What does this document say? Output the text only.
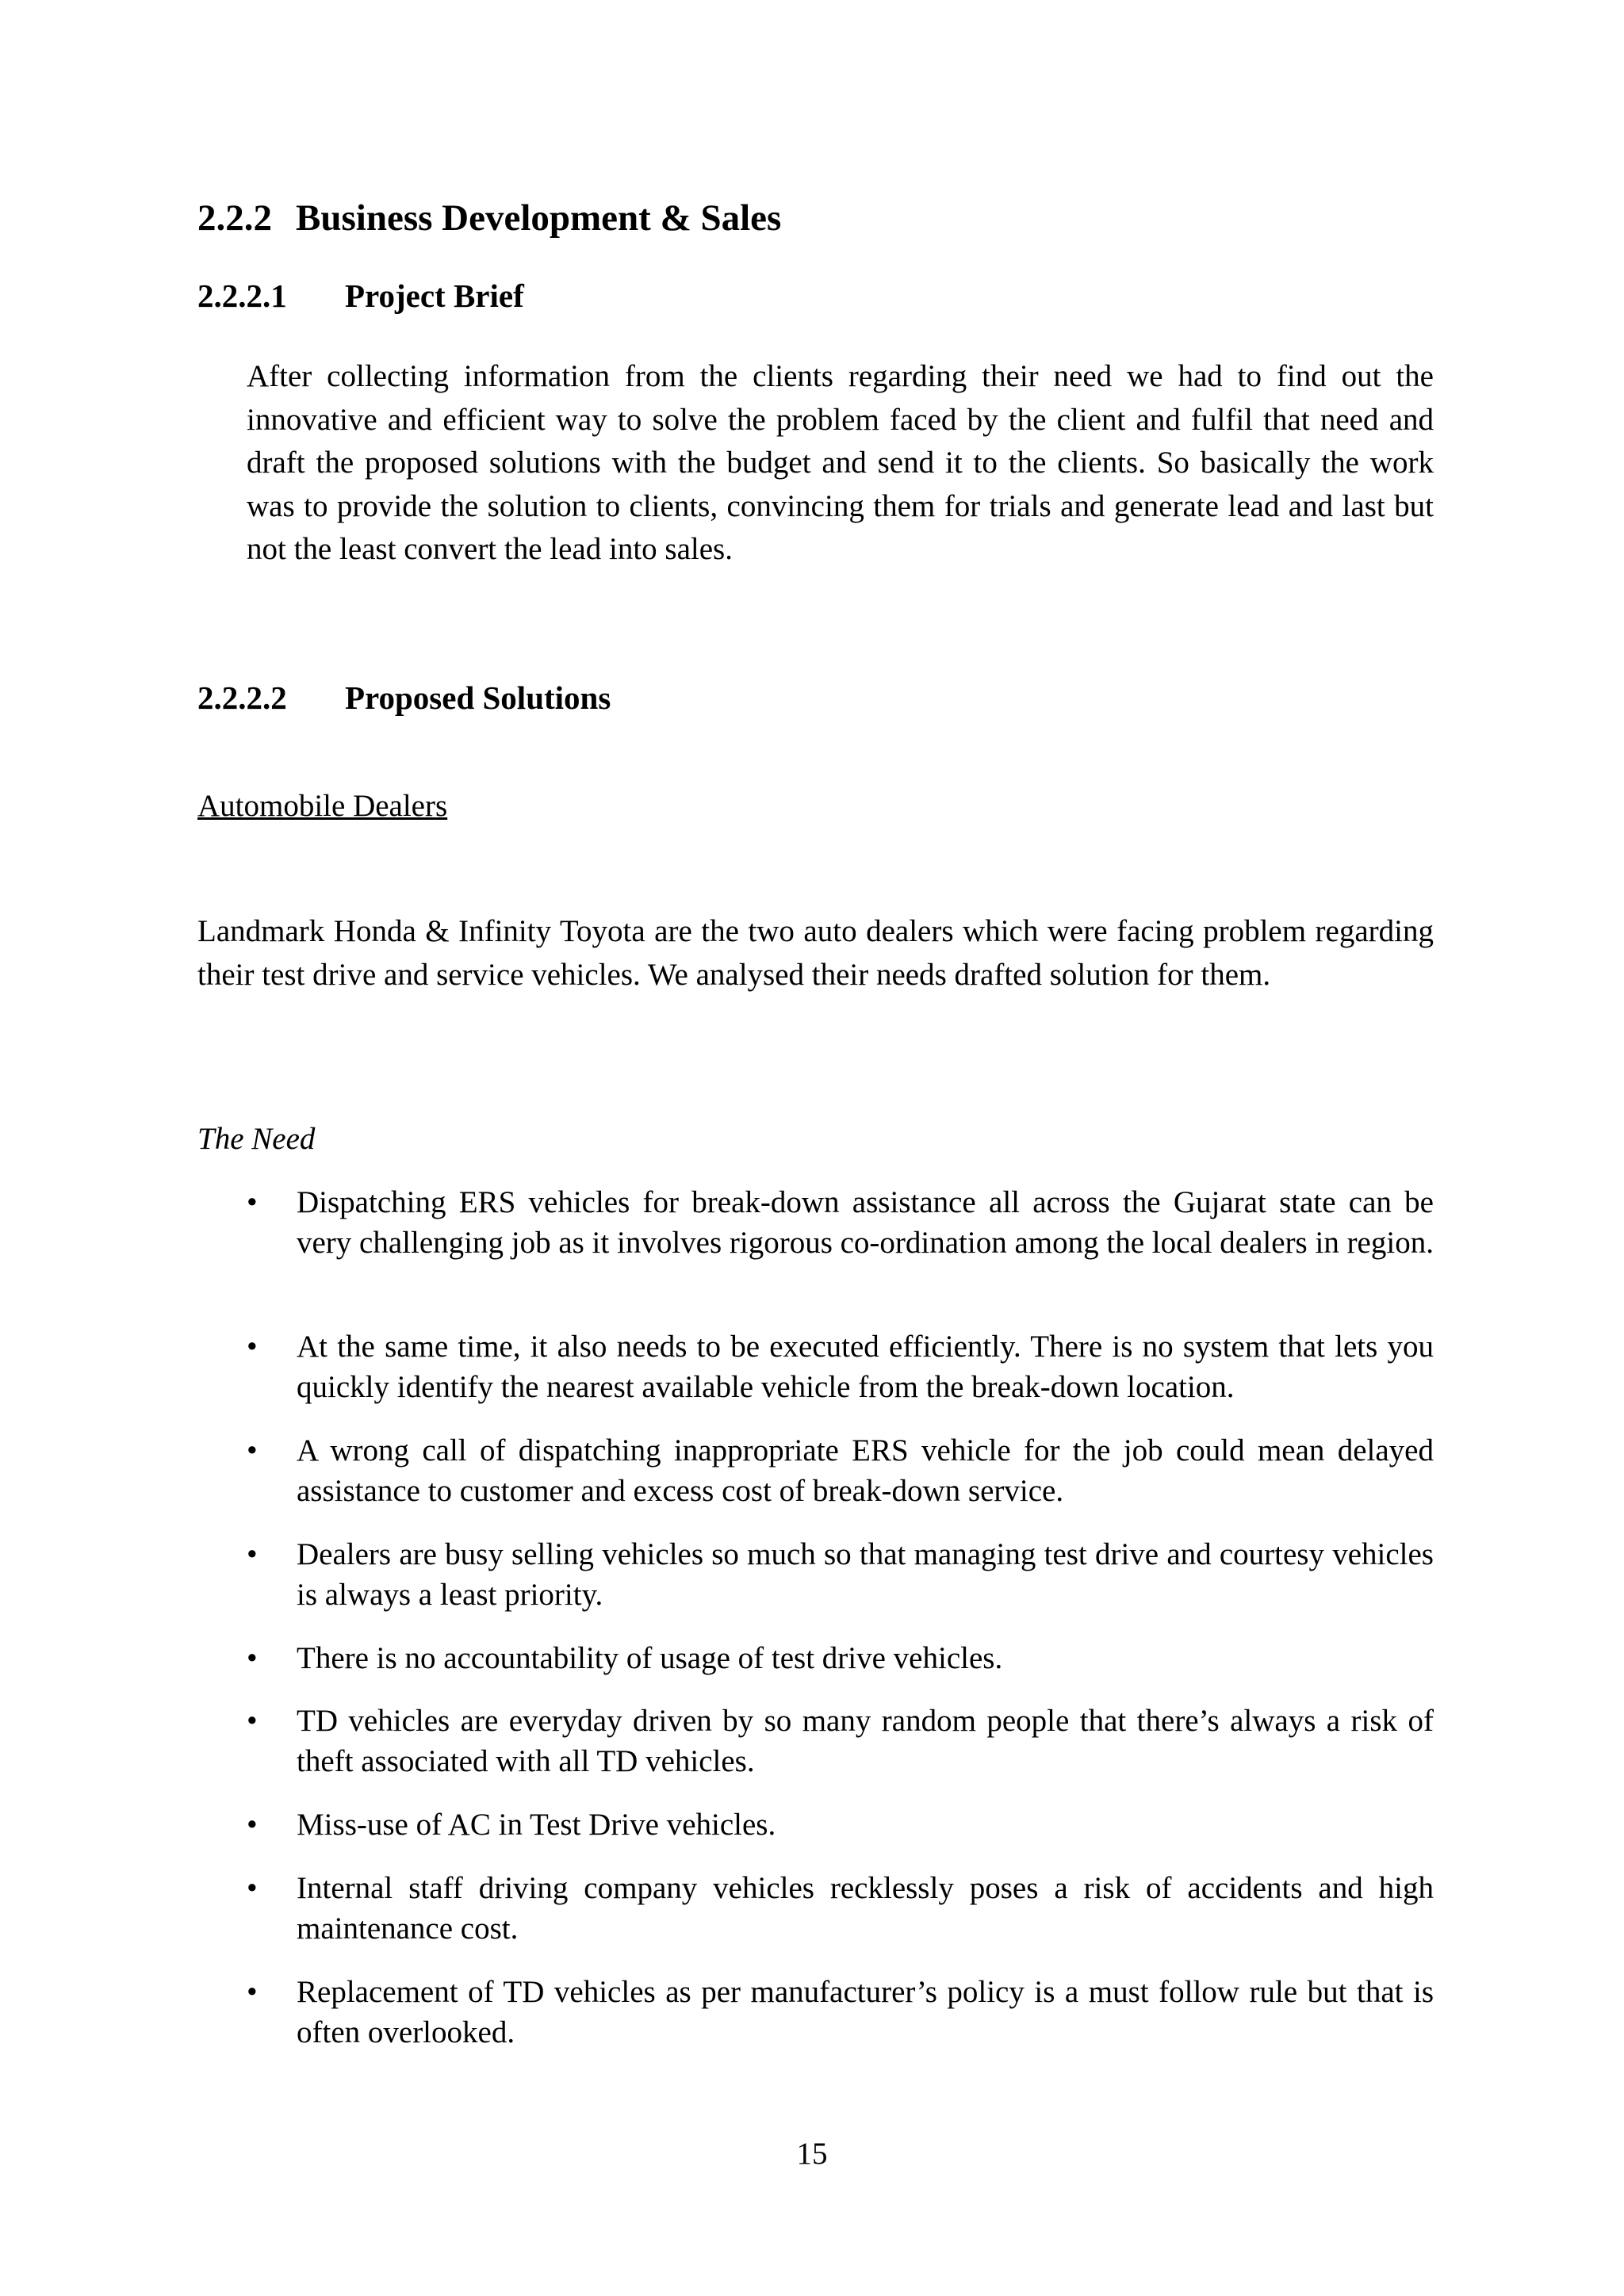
2.2.2 Business Development & Sales
2.2.2.1 Project Brief

After collecting information from the clients regarding their need we had to find out the innovative and efficient way to solve the problem faced by the client and fulfil that need and draft the proposed solutions with the budget and send it to the clients. So basically the work was to provide the solution to clients, convincing them for trials and generate lead and last but not the least convert the lead into sales.

2.2.2.2 Proposed Solutions
Automobile Dealers

Landmark Honda & Infinity Toyota are the two auto dealers which were facing problem regarding their test drive and service vehicles. We analysed their needs drafted solution for them.

The Need
• Dispatching ERS vehicles for break-down assistance all across the Gujarat state can be very challenging job as it involves rigorous co-ordination among the local dealers in region.
• At the same time, it also needs to be executed efficiently. There is no system that lets you quickly identify the nearest available vehicle from the break-down location.
• A wrong call of dispatching inappropriate ERS vehicle for the job could mean delayed assistance to customer and excess cost of break-down service.
• Dealers are busy selling vehicles so much so that managing test drive and courtesy vehicles is always a least priority.
• There is no accountability of usage of test drive vehicles.
• TD vehicles are everyday driven by so many random people that there’s always a risk of theft associated with all TD vehicles.
• Miss-use of AC in Test Drive vehicles.
• Internal staff driving company vehicles recklessly poses a risk of accidents and high maintenance cost.
• Replacement of TD vehicles as per manufacturer’s policy is a must follow rule but that is often overlooked.
15
